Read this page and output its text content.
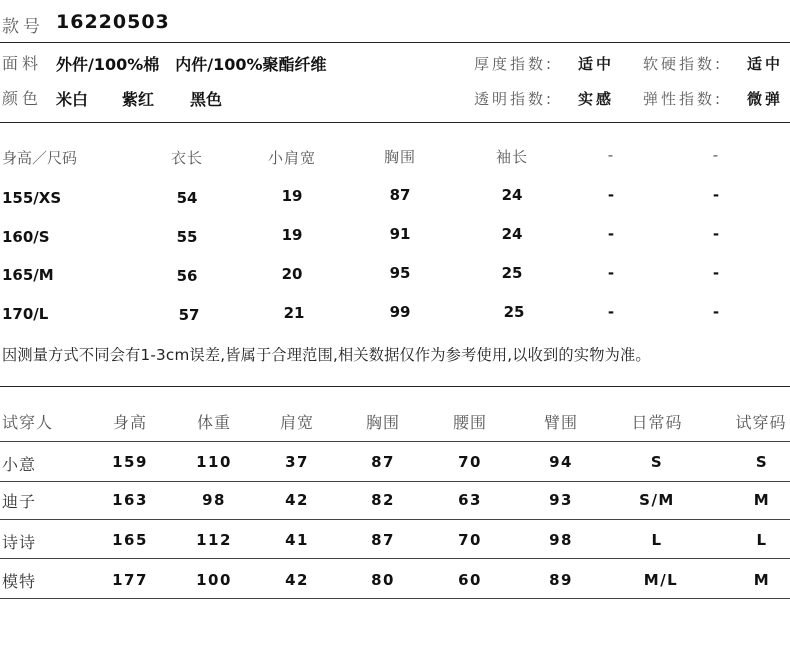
款号 16220503
面料 外件/100%棉　内件/100%聚酯纤维
颜色 米白 紫红 黑色
厚度指数: 适中 软硬指数: 适中
透明指数: 实感 弹性指数: 微弹
身高／尺码	衣长	小肩宽	胸围	袖长	-	-
155/XS	54	19	87	24	-	-
160/S	55	19	91	24	-	-
165/M	56	20	95	25	-	-
170/L	57	21	99	25	-	-
因测量方式不同会有1-3cm误差,皆属于合理范围,相关数据仅作为参考使用,以收到的实物为准。
试穿人	身高	体重	肩宽	胸围	腰围	臂围	日常码	试穿码
小意	159	110	37	87	70	94	S	S
迪子	163	98	42	82	63	93	S/M	M
诗诗	165	112	41	87	70	98	L	L
模特	177	100	42	80	60	89	M/L	M
